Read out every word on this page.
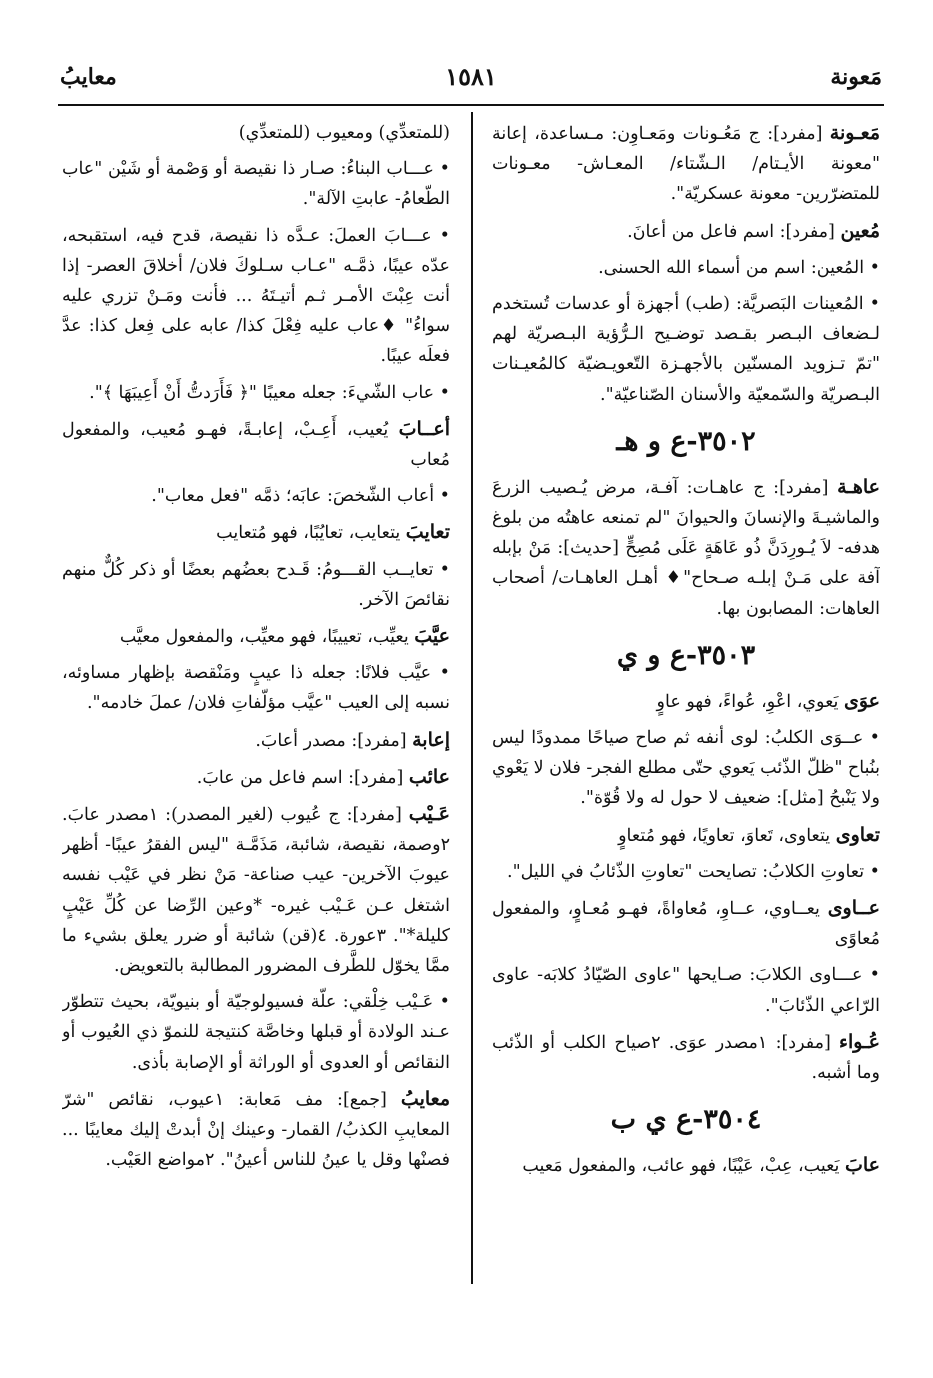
مَعونة
١٥٨١
معايبُ
مَعـونة [مفرد]: ج مَعُـونات ومَعـاوِن: مـساعدة، إعانة "معونة الأيـتام/ الـشّتاء/ المعـاش- معـونات للمتضرّرين- معونة عسكريّة".
مُعين [مفرد]: اسم فاعل من أعانَ.
• المُعين: اسم من أسماء الله الحسنى.
• المُعينات البَصريَّة: (طب) أجهزة أو عدسات تُستخدم لـضعاف البـصر بقـصد توضـيح الـرُّؤية البـصريّة لهم "تمّ تـزويد المسنّين بالأجهـزة التّعويـضيّة كالمُعيـنات البـصريّة والسّمعيّة والأسنان الصّناعيّة".
٣٥٠٢-ع و هـ
عاهـة [مفرد]: ج عاهـات: آفـة، مرض يُـصيب الزرعَ والماشيـةَ والإنسانَ والحيوانَ "لم تمنعه عاهتُه من بلوغ هدفه- لاَ يُـورِدَنَّ ذُو عَاهَةٍ عَلَى مُصِحٍّ [حديث]: مَنْ بإبله آفة على مَـنْ إبلـه صـحاح"♦ أهـل العاهـات/ أصحاب العاهات: المصابون بها.
٣٥٠٣-ع و ي
عوَى يَعوي، اعْوِ، عُواءً، فهو عاوٍ
• عــوَى الكلبُ: لوى أنفه ثم صاح صياحًا ممدودًا ليس بنُباح "ظلّ الذّئب يَعوي حتّى مطلع الفجر- فلان لا يَعْوي ولا يَنْبحُ [مثل]: ضعيف لا حول له ولا قُوّة".
تعاوى يتعاوى، تَعاوَ، تعاويًا، فهو مُتعاوٍ
• تعاوتِ الكلابُ: تصايحت "تعاوتِ الذّئابُ في الليل".
عــاوى يعــاوي، عــاوِ، مُعاواةً، فهـو مُعـاوٍ، والمفعول مُعاوًى
• عـــاوى الكلابَ: صـايحها "عاوى الصّيّادُ كلابَه- عاوى الرّاعي الذّئابَ".
عُـواء [مفرد]: ١مصدر عوَى. ٢صياح الكلب أو الذّئب وما أشبه.
٣٥٠٤-ع ي ب
عابَ يَعيب، عِبْ، عَيْبًا، فهو عائب، والمفعول مَعيب
(للمتعدِّي) ومعيوب (للمتعدِّي)
• عـــاب البناءُ: صـار ذا نقيصة أو وَصْمة أو شَيْن "عاب الطّعامُ- عابتِ الآلة".
• عـــابَ العملَ: عـدَّه ذا نقيصة، قدح فيه، استقبحه، عدّه عيبًا، ذمَّـه "عـاب سـلوكَ فلان/ أخلاقَ العصر- إذا أنت عِبْتَ الأمـر ثـم أتيـتَهُ ... فأنت ومَـنْ تزري عليه سواءُ" ♦عاب عليه فِعْلَ كذا/ عابه على فِعل كذا: عدَّ فعلَه عيبًا.
• عاب الشّيءَ: جعله معيبًا "﴿ فَأَرَدتُّ أَنْ أَعِيبَهَا ﴾".
أعــابَ يُعيب، أَعِـبْ، إعابـةً، فهـو مُعيب، والمفعول مُعاب
• أعاب الشّخصَ: عابَه؛ ذمَّه "فعل معاب".
تعايبَ يتعايب، تعايُبًا، فهو مُتعايب
• تعايــب القـــومُ: قَـدح بعضُهم بعضًا أو ذكر كُلٌّ منهم نقائصَ الآخر.
عيَّبَ يعيِّب، تعييبًا، فهو معيِّب، والمفعول معيَّب
• عيَّب فلانًا: جعله ذا عيبٍ ومَنْقصة بإظهار مساوئه، نسبه إلى العيب "عيَّب مؤلّفاتِ فلان/ عملَ خادمه".
إعابة [مفرد]: مصدر أعابَ.
عائب [مفرد]: اسم فاعل من عابَ.
عَـيْب [مفرد]: ج عُيوب (لغير المصدر): ١مصدر عابَ. ٢وصمة، نقيصة، شائبة، مَذَمَّـة "ليس الفقرُ عيبًا- أظهر عيوبَ الآخرين- عيب صناعة- مَنْ نظر في عَيْب نفسه اشتغل عـن عَـيْب غيره- *وعين الرِّضا عن كُلِّ عَيْبٍ كليلة*". ٣عورة. ٤(قن) شائبة أو ضرر يعلق بشيء ما ممَّا يخوّل للطَّرف المضرور المطالبة بالتعويض.
• عَـيْب خِلْقي: علّة فسيولوجيّة أو بنيويّة، بحيث تتطوّر عـند الولادة أو قبلها وخاصَّة كنتيجة للنموّ ذي العُيوب أو النقائص أو العدوى أو الوراثة أو الإصابة بأذى.
معايبُ [جمع]: مف مَعابة: ١عيوب، نقائص "شرّ المعايبِ الكذبُ/ القمار- وعينك إنْ أبدتْ إليك معايبًا ... فصنْها وقل يا عينُ للناس أعينُ". ٢مواضع العَيْب.
